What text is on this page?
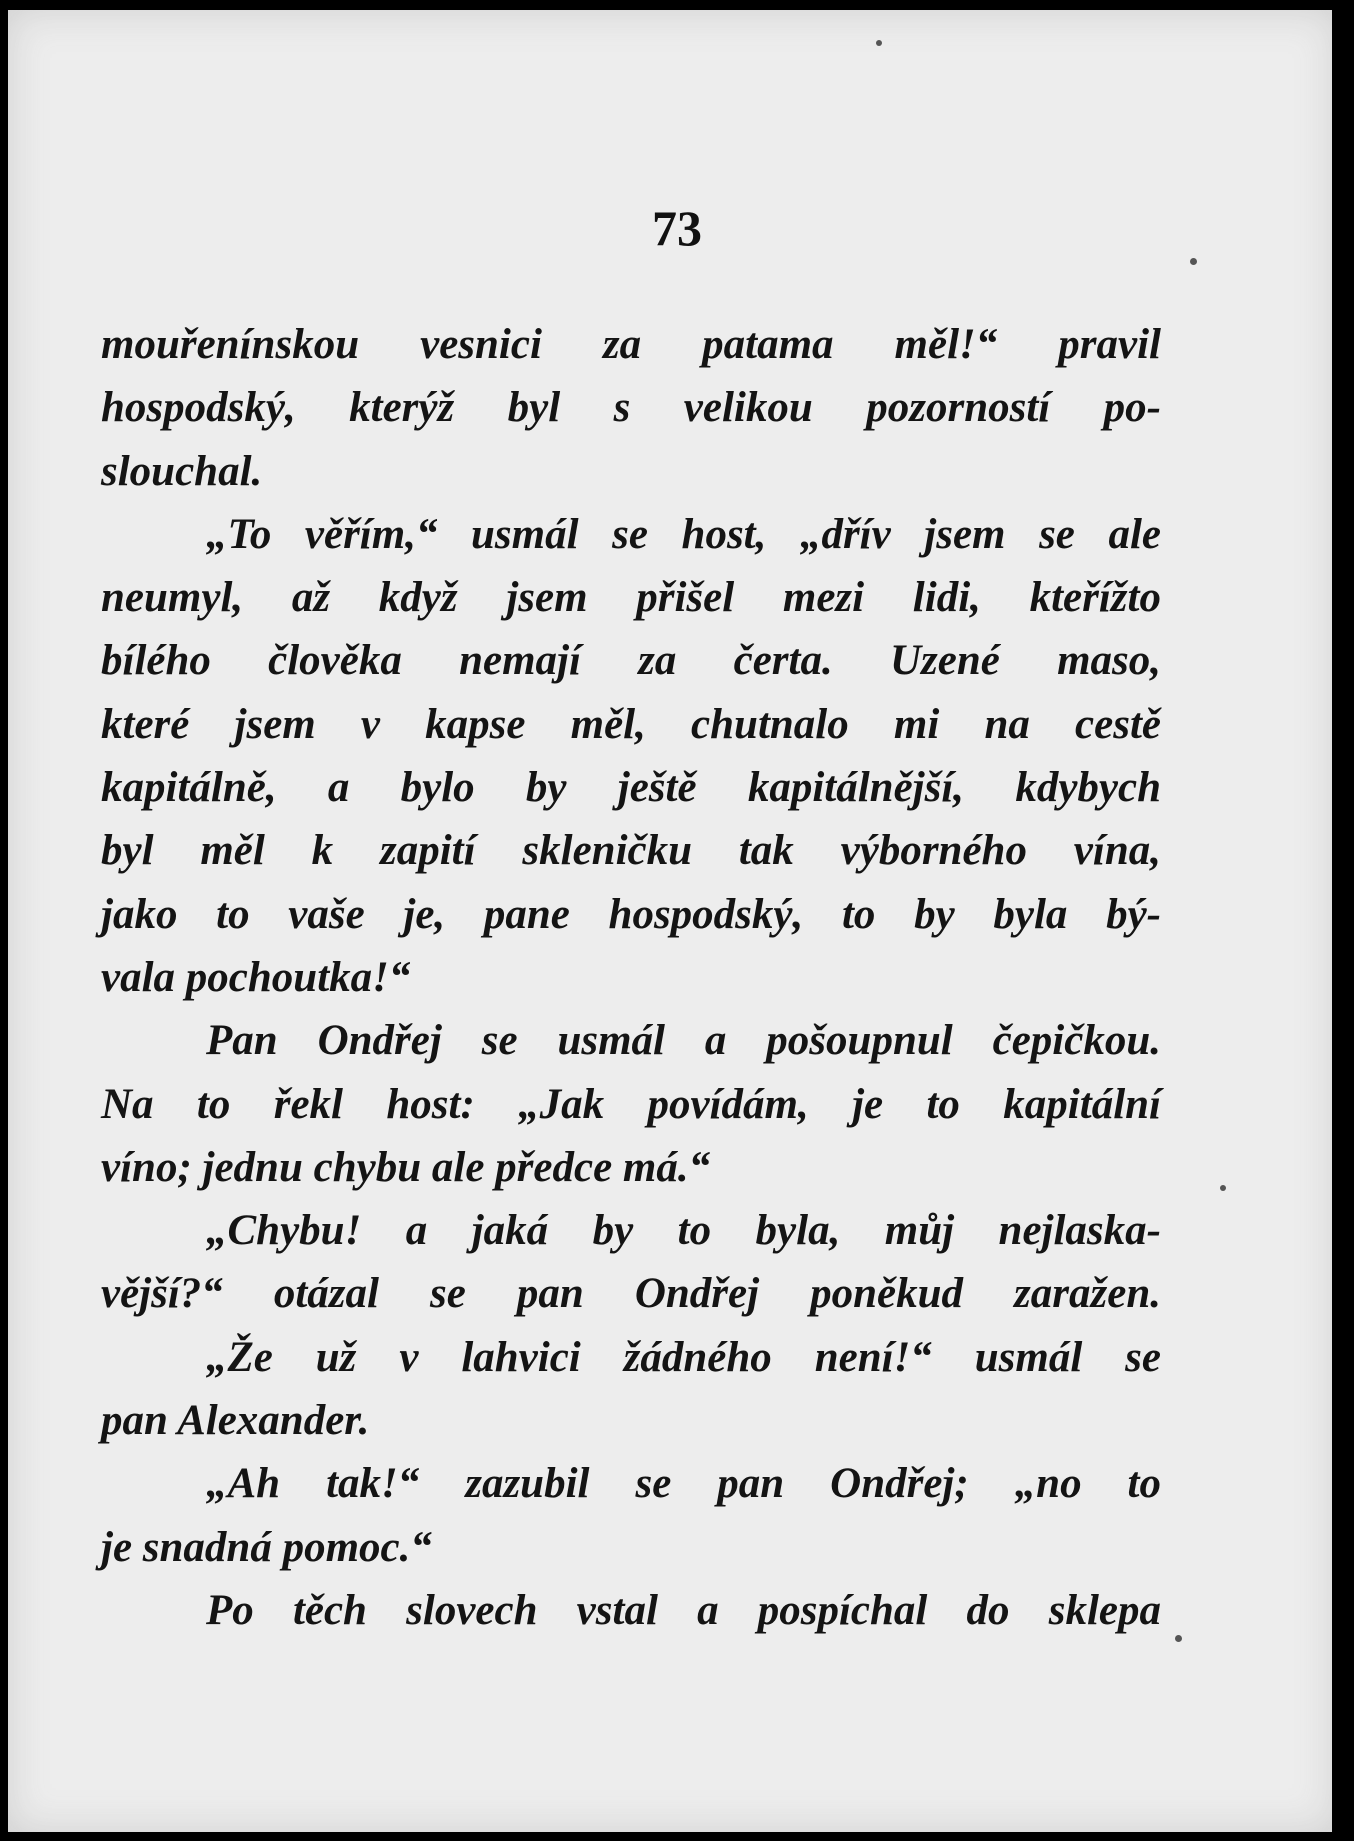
73
mouřenínskou vesnici za patama měl!“ pravil
hospodský, kterýž byl s velikou pozorností po-
slouchal.
„To věřím,“ usmál se host, „dřív jsem se ale
neumyl, až když jsem přišel mezi lidi, kteřížto
bílého člověka nemají za čerta. Uzené maso,
které jsem v kapse měl, chutnalo mi na cestě
kapitálně, a bylo by ještě kapitálnější, kdybych
byl měl k zapití skleničku tak výborného vína,
jako to vaše je, pane hospodský, to by byla bý-
vala pochoutka!“
Pan Ondřej se usmál a pošoupnul čepičkou.
Na to řekl host: „Jak povídám, je to kapitální
víno; jednu chybu ale předce má.“
„Chybu! a jaká by to byla, můj nejlaska-
vější?“ otázal se pan Ondřej poněkud zaražen.
„Že už v lahvici žádného není!“ usmál se
pan Alexander.
„Ah tak!“ zazubil se pan Ondřej; „no to
je snadná pomoc.“
Po těch slovech vstal a pospíchal do sklepa
